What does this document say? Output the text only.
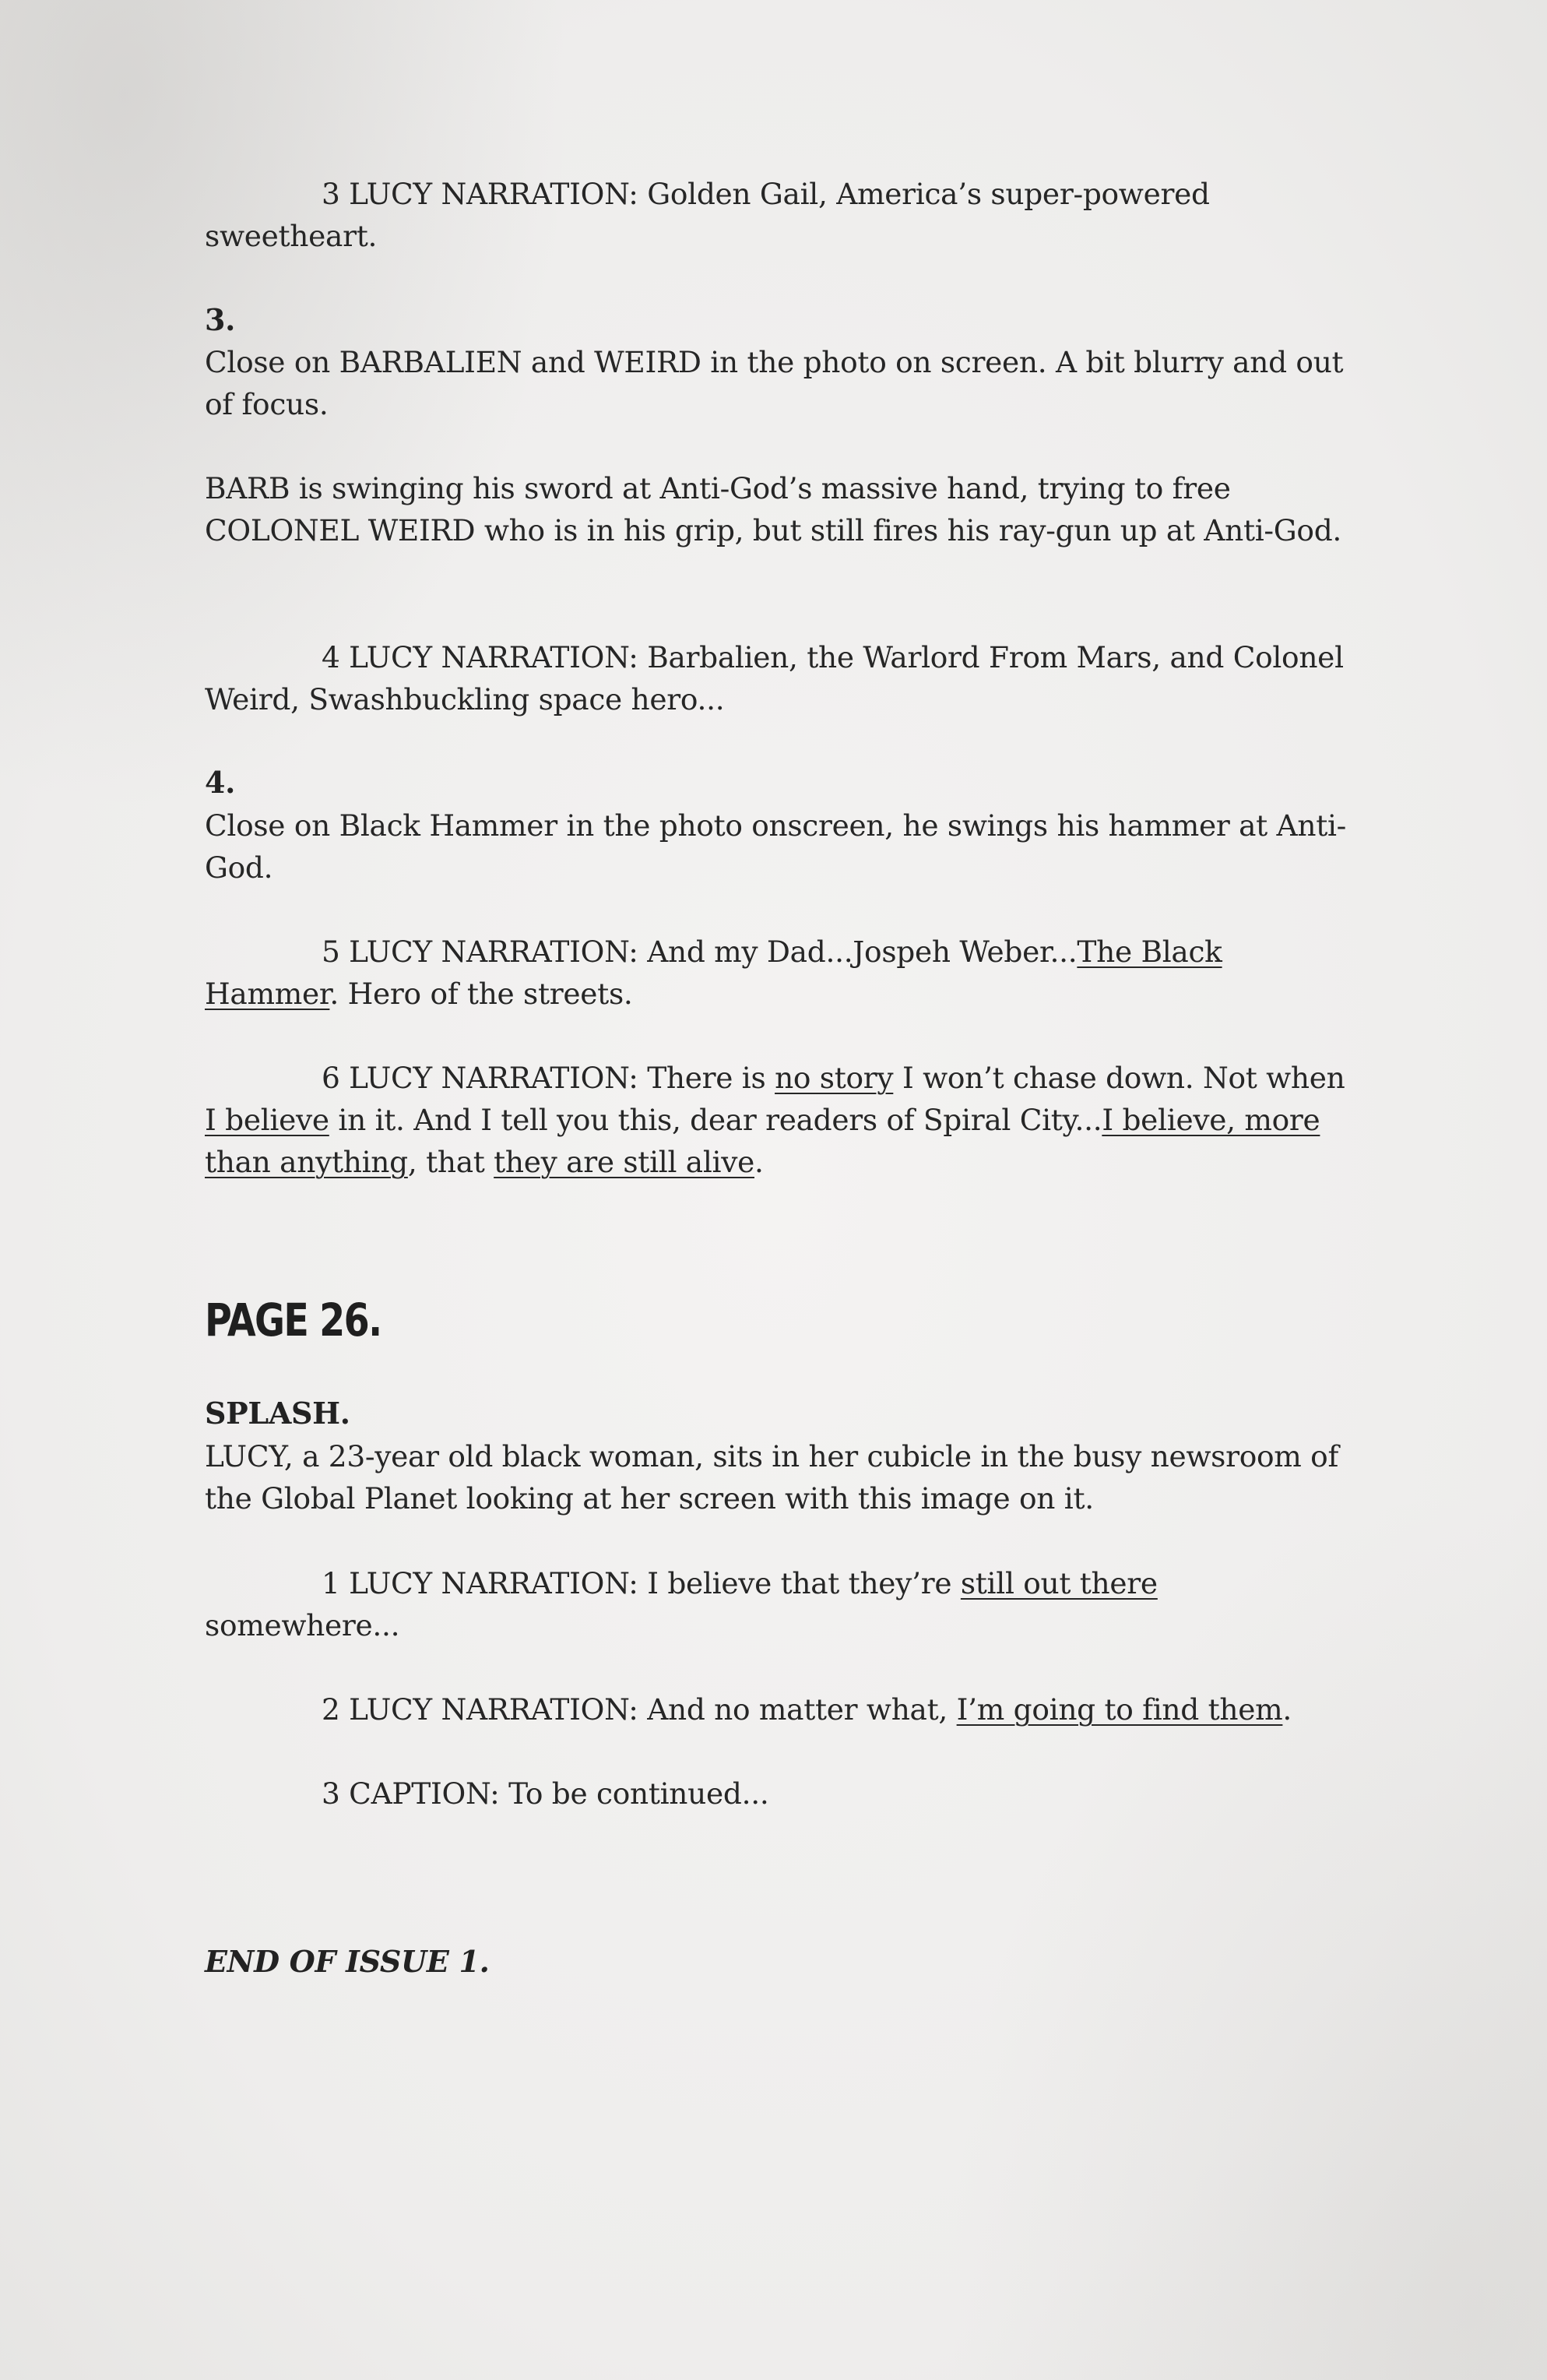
3 LUCY NARRATION: Golden Gail, America’s super-powered sweetheart.

3.

Close on BARBALIEN and WEIRD in the photo on screen. A bit blurry and out of focus.

BARB is swinging his sword at Anti-God’s massive hand, trying to free COLONEL WEIRD who is in his grip, but still fires his ray-gun up at Anti-God.

4 LUCY NARRATION: Barbalien, the Warlord From Mars, and Colonel Weird, Swashbuckling space hero...

4.

Close on Black Hammer in the photo onscreen, he swings his hammer at Anti-God.

5 LUCY NARRATION: And my Dad...Jospeh Weber...The Black Hammer. Hero of the streets.

6 LUCY NARRATION: There is no story I won’t chase down. Not when I believe in it. And I tell you this, dear readers of Spiral City...I believe, more than anything, that they are still alive.

PAGE 26.
SPLASH.

LUCY, a 23-year old black woman, sits in her cubicle in the busy newsroom of the Global Planet looking at her screen with this image on it.

1 LUCY NARRATION: I believe that they’re still out there somewhere...

2 LUCY NARRATION: And no matter what, I’m going to find them.

3 CAPTION: To be continued...

END OF ISSUE 1.
